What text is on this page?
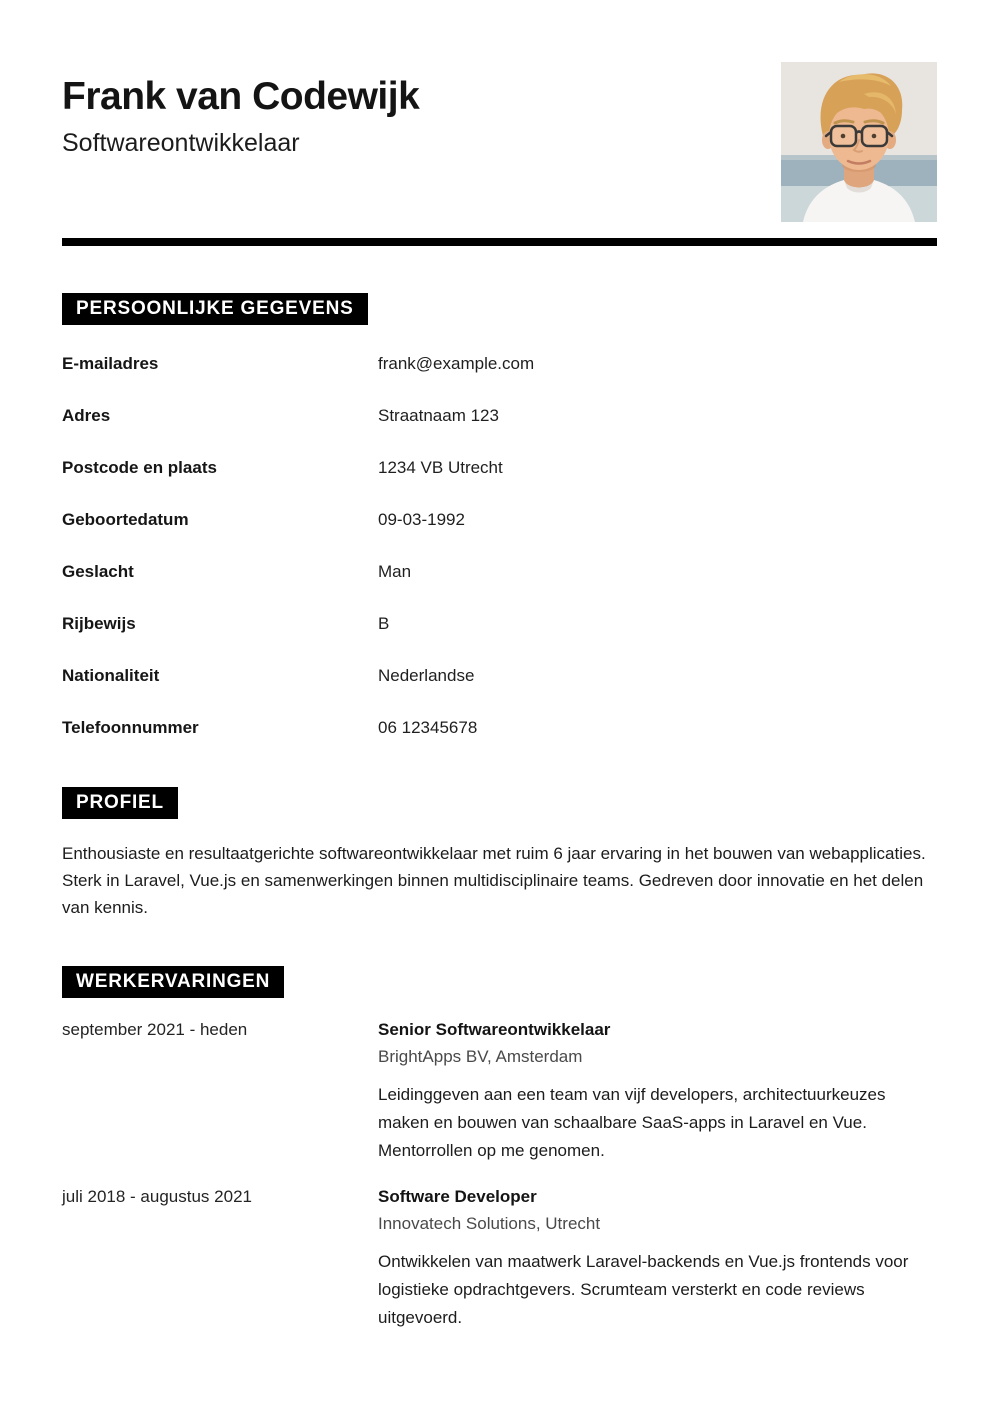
Frank van Codewijk
Softwareontwikkelaar
PERSOONLIJKE GEGEVENS
E-mailadres	frank@example.com
Adres	Straatnaam 123
Postcode en plaats	1234 VB Utrecht
Geboortedatum	09-03-1992
Geslacht	Man
Rijbewijs	B
Nationaliteit	Nederlandse
Telefoonnummer	06 12345678
PROFIEL

Enthousiaste en resultaatgerichte softwareontwikkelaar met ruim 6 jaar ervaring in het bouwen van webapplicaties. Sterk in Laravel, Vue.js en samenwerkingen binnen multidisciplinaire teams. Gedreven door innovatie en het delen van kennis.

WERKERVARINGEN
september 2021 - heden	Senior Softwareontwikkelaar
BrightApps BV, Amsterdam

Leidinggeven aan een team van vijf developers, architectuurkeuzes maken en bouwen van schaalbare SaaS-apps in Laravel en Vue. Mentorrollen op me genomen.

juli 2018 - augustus 2021	Software Developer
Innovatech Solutions, Utrecht

Ontwikkelen van maatwerk Laravel-backends en Vue.js frontends voor logistieke opdrachtgevers. Scrumteam versterkt en code reviews uitgevoerd.
